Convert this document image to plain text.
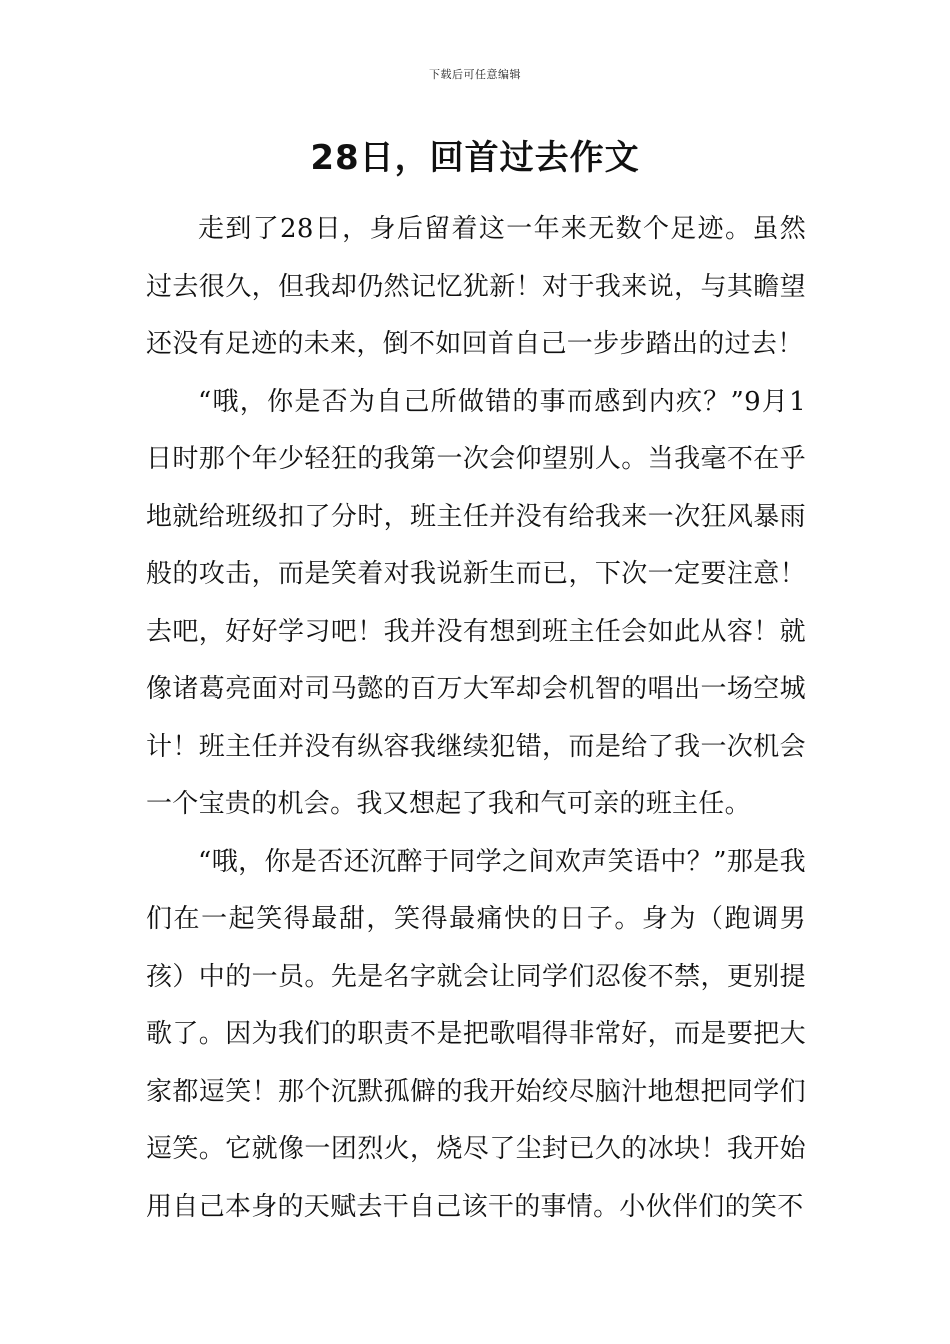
下载后可任意编辑
28日，回首过去作文

走到了28日，身后留着这一年来无数个足迹。虽然过去很久，但我却仍然记忆犹新！对于我来说，与其瞻望还没有足迹的未来，倒不如回首自己一步步踏出的过去！

“哦，你是否为自己所做错的事而感到内疚？”9月1日时那个年少轻狂的我第一次会仰望别人。当我毫不在乎地就给班级扣了分时，班主任并没有给我来一次狂风暴雨般的攻击，而是笑着对我说新生而已，下次一定要注意！去吧，好好学习吧！我并没有想到班主任会如此从容！就像诸葛亮面对司马懿的百万大军却会机智的唱出一场空城计！班主任并没有纵容我继续犯错，而是给了我一次机会一个宝贵的机会。我又想起了我和气可亲的班主任。

“哦，你是否还沉醉于同学之间欢声笑语中？”那是我们在一起笑得最甜，笑得最痛快的日子。身为（跑调男孩）中的一员。先是名字就会让同学们忍俊不禁，更别提歌了。因为我们的职责不是把歌唱得非常好，而是要把大家都逗笑！那个沉默孤僻的我开始绞尽脑汁地想把同学们逗笑。它就像一团烈火，烧尽了尘封已久的冰块！我开始用自己本身的天赋去干自己该干的事情。小伙伴们的笑不
